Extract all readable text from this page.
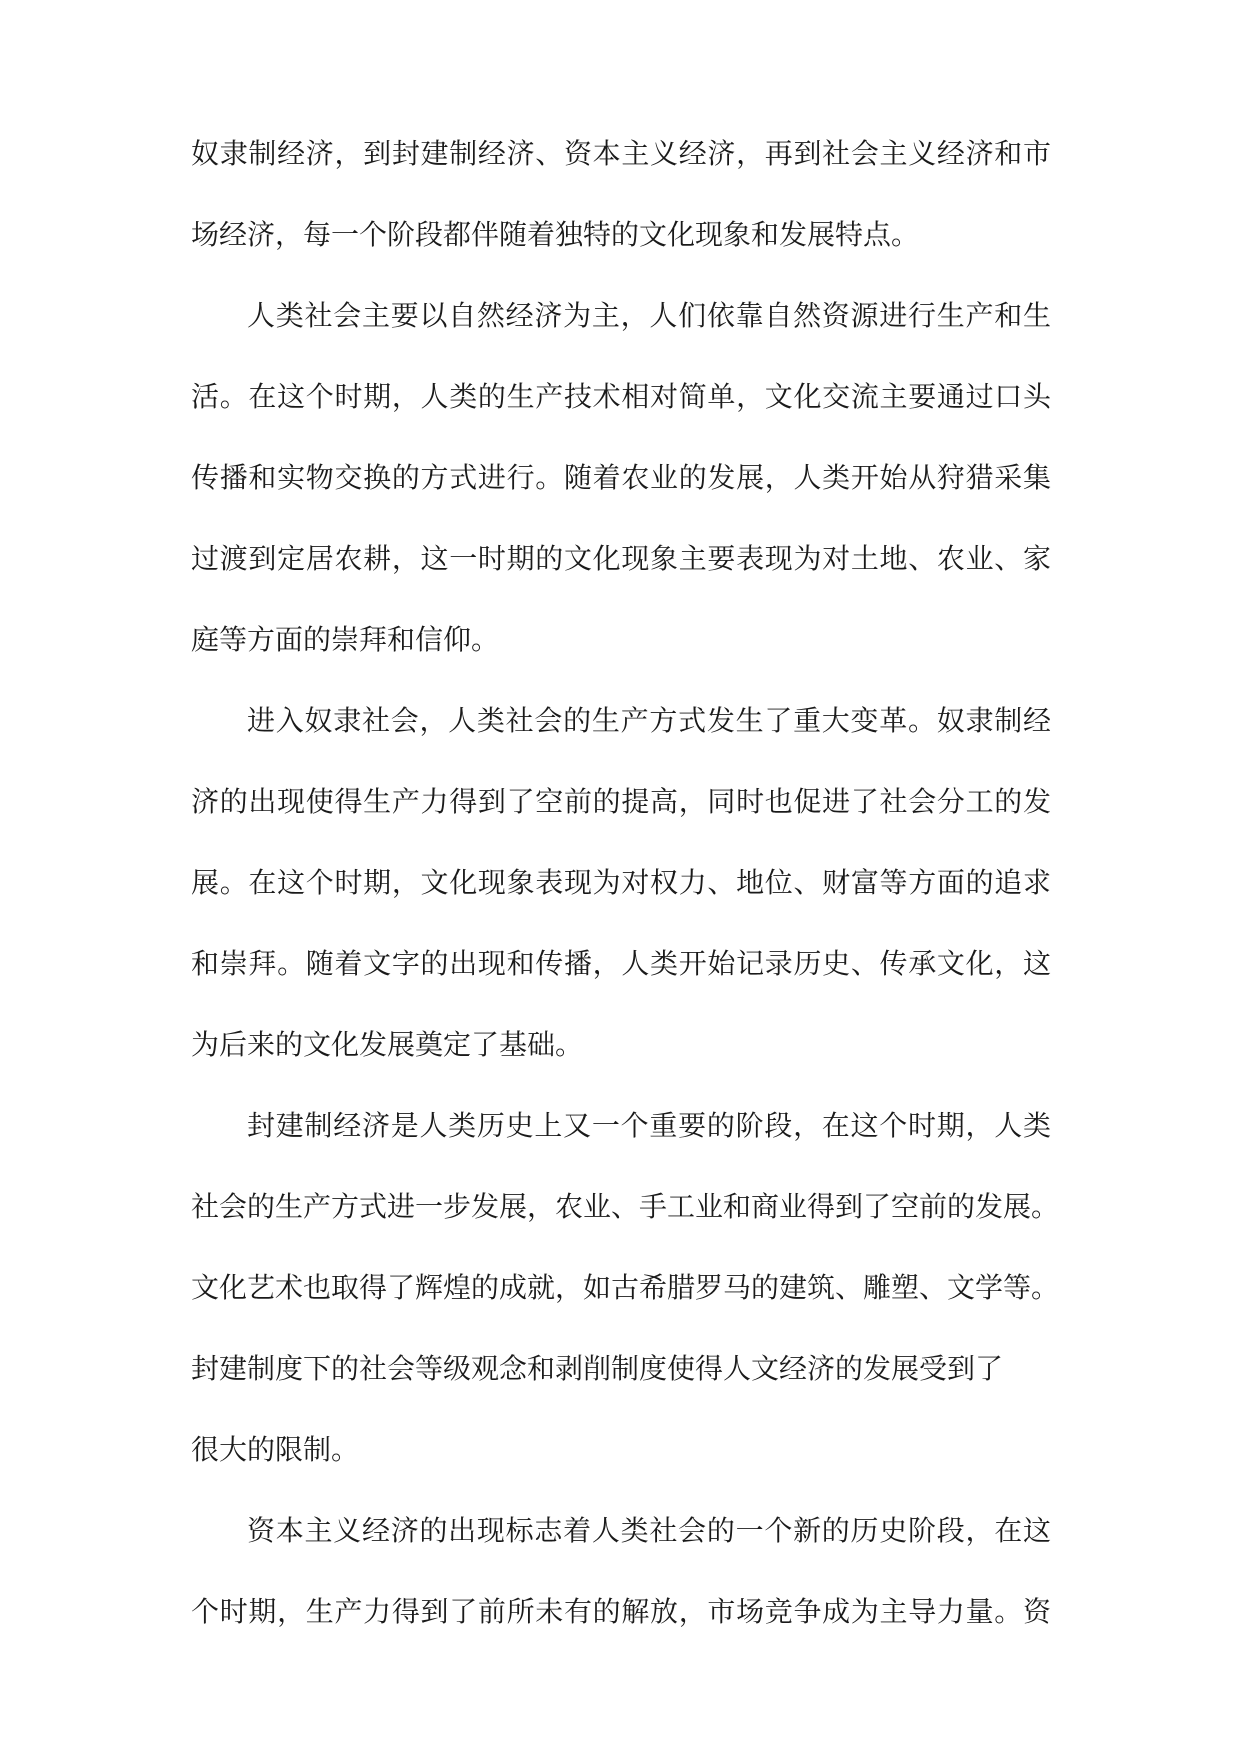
奴隶制经济，到封建制经济、资本主义经济，再到社会主义经济和市
场经济，每一个阶段都伴随着独特的文化现象和发展特点。
人类社会主要以自然经济为主，人们依靠自然资源进行生产和生
活。在这个时期，人类的生产技术相对简单，文化交流主要通过口头
传播和实物交换的方式进行。随着农业的发展，人类开始从狩猎采集
过渡到定居农耕，这一时期的文化现象主要表现为对土地、农业、家
庭等方面的崇拜和信仰。
进入奴隶社会，人类社会的生产方式发生了重大变革。奴隶制经
济的出现使得生产力得到了空前的提高，同时也促进了社会分工的发
展。在这个时期，文化现象表现为对权力、地位、财富等方面的追求
和崇拜。随着文字的出现和传播，人类开始记录历史、传承文化，这
为后来的文化发展奠定了基础。
封建制经济是人类历史上又一个重要的阶段，在这个时期，人类
社会的生产方式进一步发展，农业、手工业和商业得到了空前的发展。
文化艺术也取得了辉煌的成就，如古希腊罗马的建筑、雕塑、文学等。
封建制度下的社会等级观念和剥削制度使得人文经济的发展受到了
很大的限制。
资本主义经济的出现标志着人类社会的一个新的历史阶段，在这
个时期，生产力得到了前所未有的解放，市场竞争成为主导力量。资
